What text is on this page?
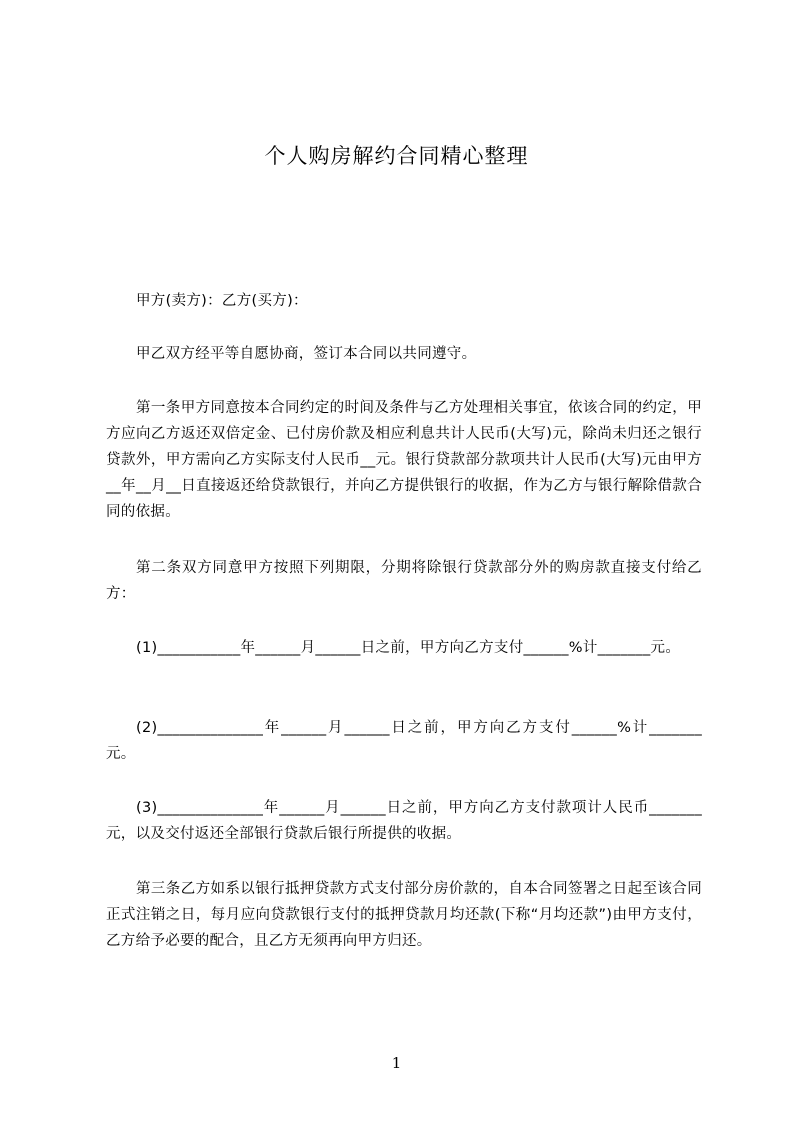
个人购房解约合同精心整理

甲方(卖方)：乙方(买方)：

甲乙双方经平等自愿协商，签订本合同以共同遵守。

第一条甲方同意按本合同约定的时间及条件与乙方处理相关事宜，依该合同的约定，甲方应向乙方返还双倍定金、已付房价款及相应利息共计人民币(大写)元，除尚未归还之银行贷款外，甲方需向乙方实际支付人民币__元。银行贷款部分款项共计人民币(大写)元由甲方__年__月__日直接返还给贷款银行，并向乙方提供银行的收据，作为乙方与银行解除借款合同的依据。

第二条双方同意甲方按照下列期限，分期将除银行贷款部分外的购房款直接支付给乙方：

(1)___________年______月______日之前，甲方向乙方支付______%计_______元。

(2)______________年______月______日之前，甲方向乙方支付______%计_______元。

(3)______________年______月______日之前，甲方向乙方支付款项计人民币_______元，以及交付返还全部银行贷款后银行所提供的收据。

第三条乙方如系以银行抵押贷款方式支付部分房价款的，自本合同签署之日起至该合同正式注销之日，每月应向贷款银行支付的抵押贷款月均还款(下称“月均还款”)由甲方支付，乙方给予必要的配合，且乙方无须再向甲方归还。

1
